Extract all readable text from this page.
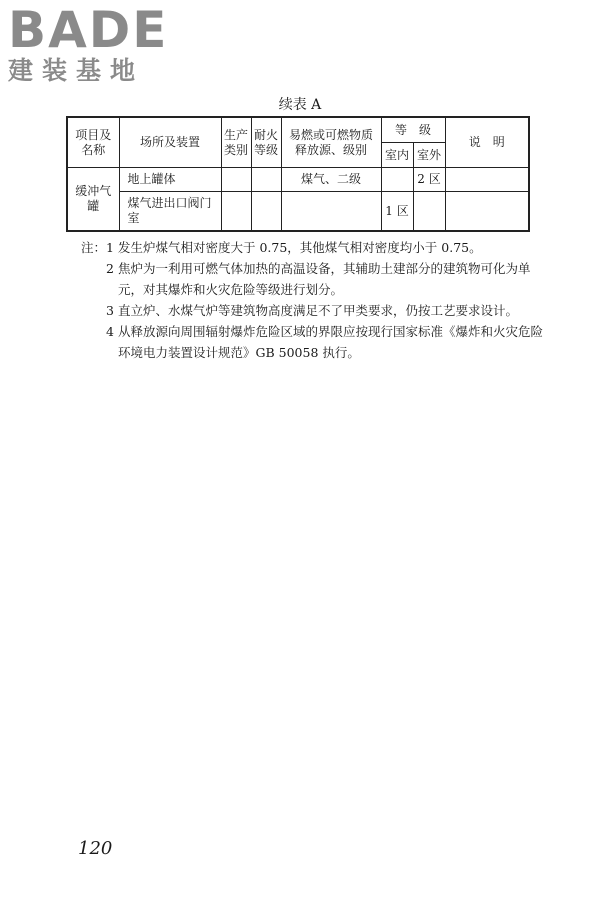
BADE
建装基地
续表 A
项目及名称	场所及装置	生产类别	耐火等级	易燃或可燃物质释放源、级别	等　级		说　明
					室内	室外	
缓冲气罐	地上罐体			煤气、二级		2 区	
	煤气进出口阀门室				1 区		
注：1 发生炉煤气相对密度大于 0.75，其他煤气相对密度均小于 0.75。
2 焦炉为一利用可燃气体加热的高温设备，其辅助土建部分的建筑物可化为单元，对其爆炸和火灾危险等级进行划分。
3 直立炉、水煤气炉等建筑物高度满足不了甲类要求，仍按工艺要求设计。
4 从释放源向周围辐射爆炸危险区域的界限应按现行国家标准《爆炸和火灾危险环境电力装置设计规范》GB 50058 执行。
120
